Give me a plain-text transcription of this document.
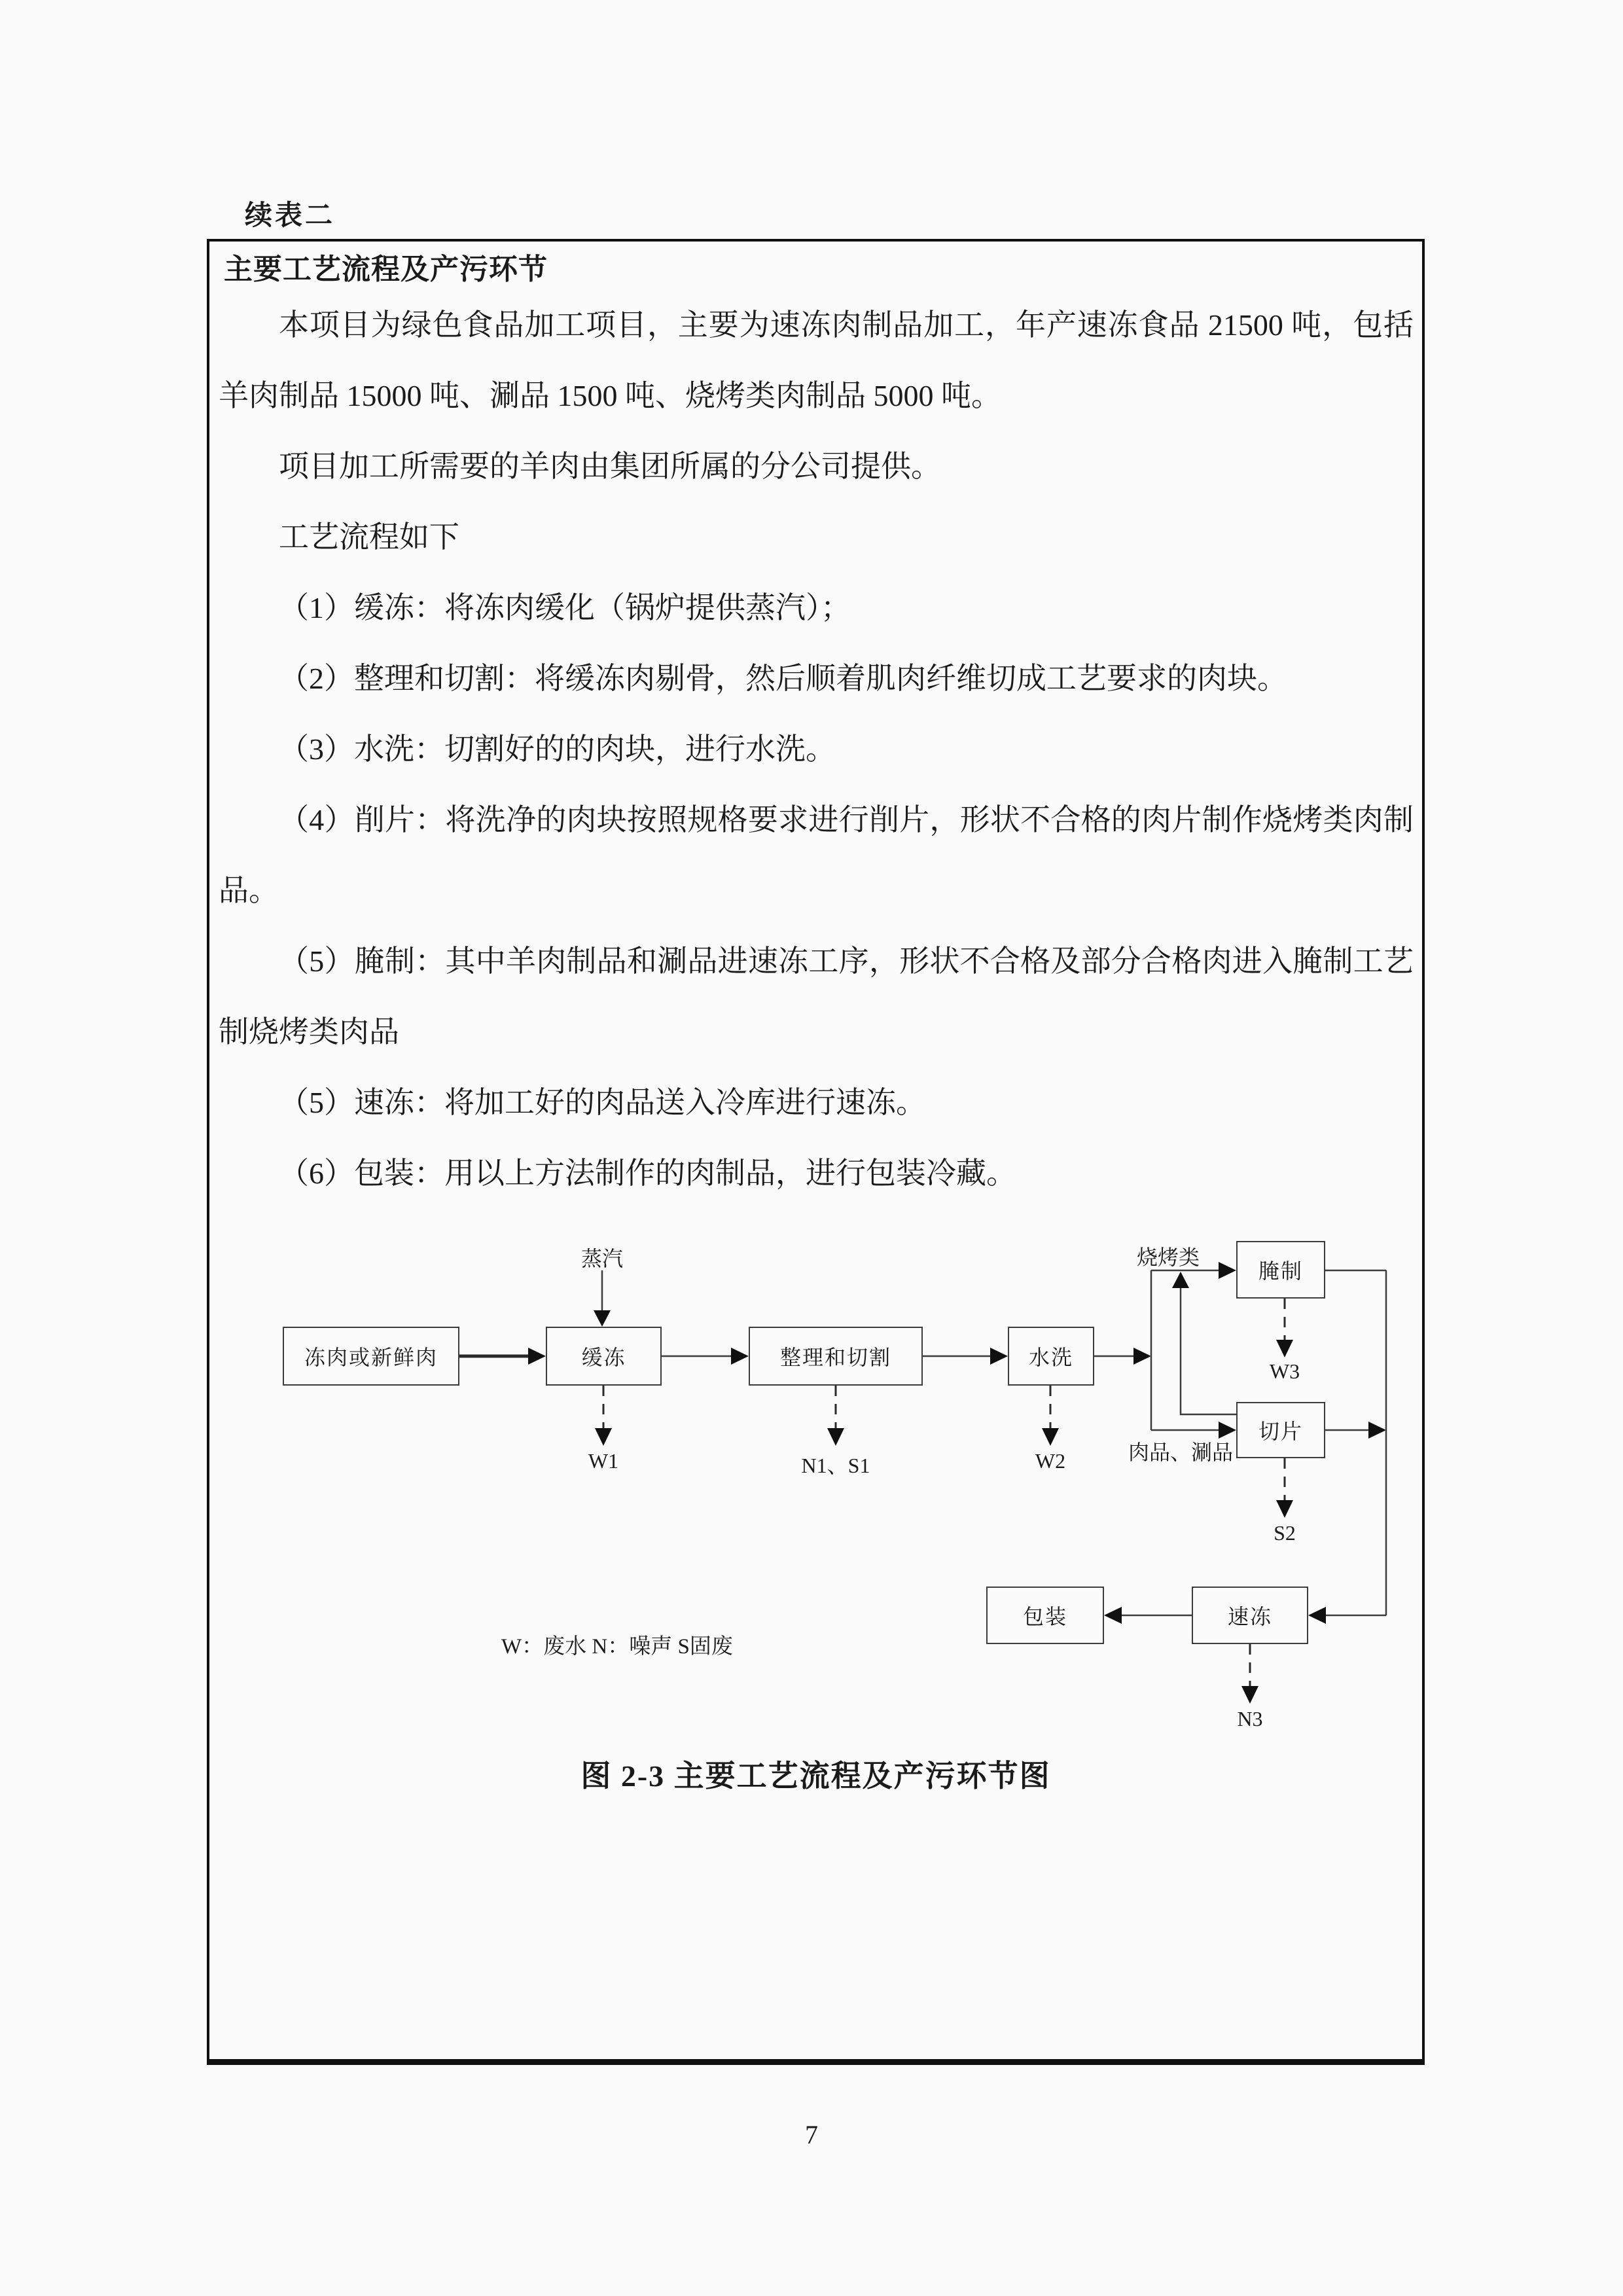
续表二
主要工艺流程及产污环节

本项目为绿色食品加工项目，主要为速冻肉制品加工，年产速冻食品 21500 吨，包括羊肉制品 15000 吨、涮品 1500 吨、烧烤类肉制品 5000 吨。

项目加工所需要的羊肉由集团所属的分公司提供。

工艺流程如下

（1）缓冻：将冻肉缓化（锅炉提供蒸汽）；

（2）整理和切割：将缓冻肉剔骨，然后顺着肌肉纤维切成工艺要求的肉块。

（3）水洗：切割好的的肉块，进行水洗。

（4）削片：将洗净的肉块按照规格要求进行削片，形状不合格的肉片制作烧烤类肉制品。

（5）腌制：其中羊肉制品和涮品进速冻工序，形状不合格及部分合格肉进入腌制工艺制烧烤类肉品

（5）速冻：将加工好的肉品送入冷库进行速冻。

（6）包装：用以上方法制作的肉制品，进行包装冷藏。

冻肉或新鲜肉	缓冻	整理和切割	水洗
腌制
切片
包装	速冻
蒸汽	烧烤类
肉品、涮品
W1	N1、S1	W2
W3
S2
N3
W：废水 N：噪声 S固废
图 2-3 主要工艺流程及产污环节图
7
